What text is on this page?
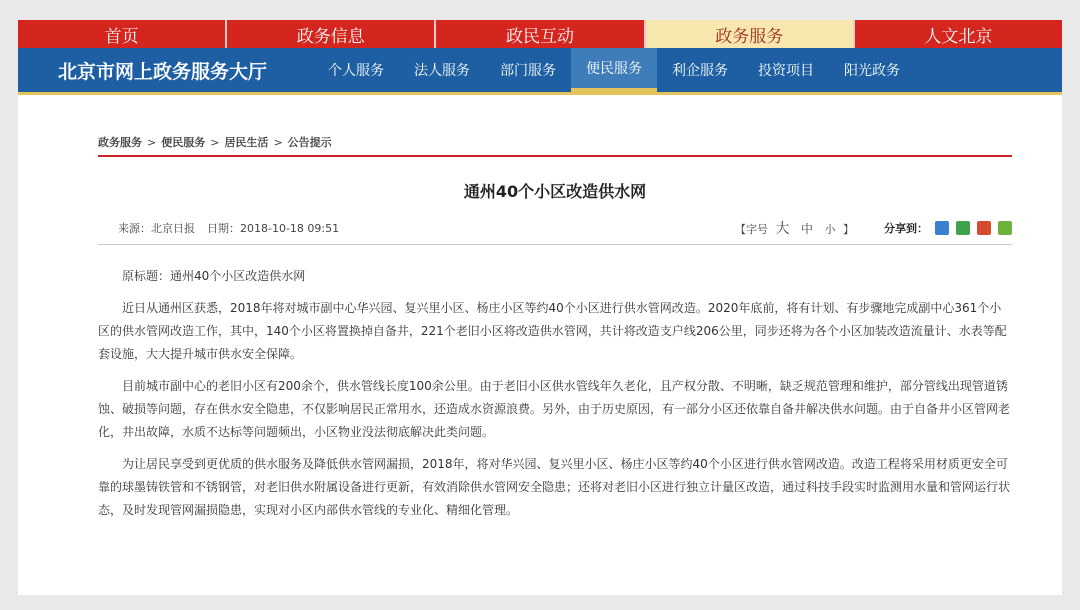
首页	政务信息	政民互动	政务服务	人文北京
北京市网上政务服务大厅	个人服务	法人服务	部门服务	便民服务	利企服务	投资项目	阳光政务
政务服务 > 便民服务 > 居民生活 > 公告提示
通州40个小区改造供水网
来源：北京日报 日期：2018-10-18 09:51	【字号 大 中 小 】	分享到：

原标题：通州40个小区改造供水网

近日从通州区获悉，2018年将对城市副中心华兴园、复兴里小区、杨庄小区等约40个小区进行供水管网改造。2020年底前，将有计划、有步骤地完成副中心361个小区的供水管网改造工作，其中，140个小区将置换掉自备井，221个老旧小区将改造供水管网，共计将改造支户线206公里，同步还将为各个小区加装改造流量计、水表等配套设施，大大提升城市供水安全保障。

目前城市副中心的老旧小区有200余个，供水管线长度100余公里。由于老旧小区供水管线年久老化，且产权分散、不明晰，缺乏规范管理和维护，部分管线出现管道锈蚀、破损等问题，存在供水安全隐患，不仅影响居民正常用水，还造成水资源浪费。另外，由于历史原因，有一部分小区还依靠自备井解决供水问题。由于自备井小区管网老化，井出故障，水质不达标等问题频出，小区物业没法彻底解决此类问题。

为让居民享受到更优质的供水服务及降低供水管网漏损，2018年，将对华兴园、复兴里小区、杨庄小区等约40个小区进行供水管网改造。改造工程将采用材质更安全可靠的球墨铸铁管和不锈钢管，对老旧供水附属设备进行更新，有效消除供水管网安全隐患；还将对老旧小区进行独立计量区改造，通过科技手段实时监测用水量和管网运行状态，及时发现管网漏损隐患，实现对小区内部供水管线的专业化、精细化管理。
